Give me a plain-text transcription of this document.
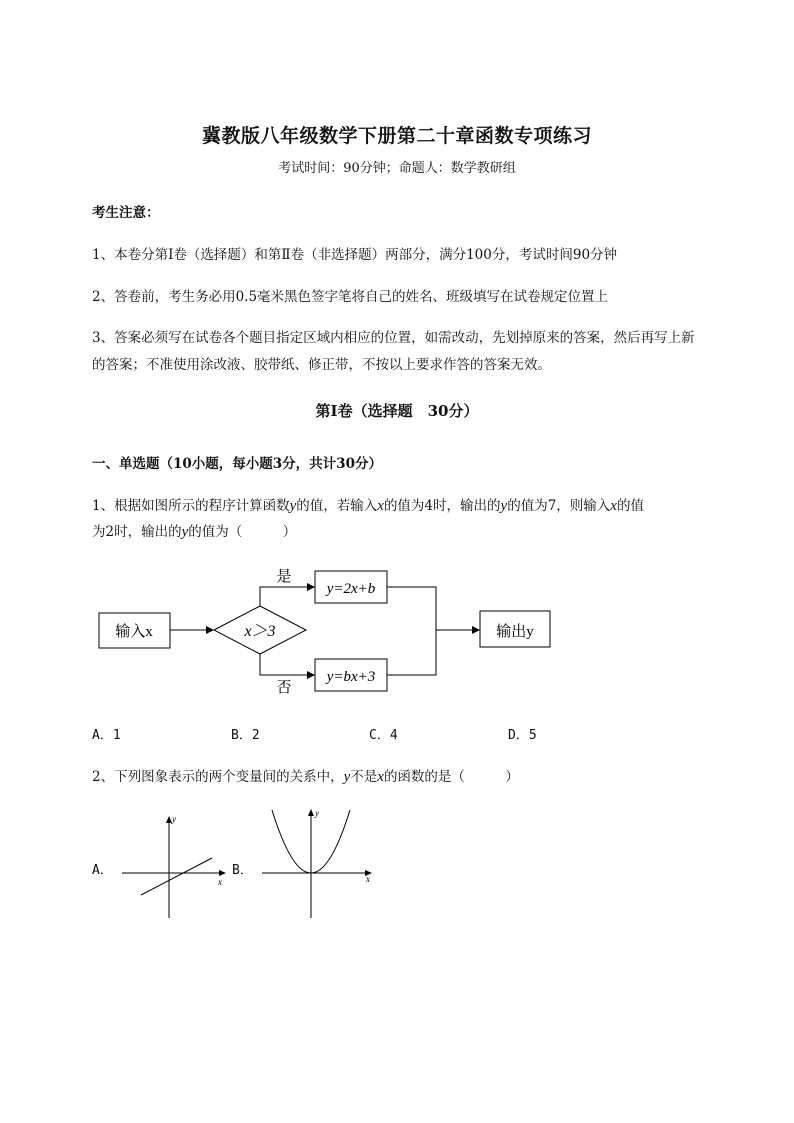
冀教版八年级数学下册第二十章函数专项练习
考试时间：90分钟；命题人：数学教研组
考生注意：
1、本卷分第I卷（选择题）和第Ⅱ卷（非选择题）两部分，满分100分，考试时间90分钟
2、答卷前，考生务必用0.5毫米黑色签字笔将自己的姓名、班级填写在试卷规定位置上
3、答案必须写在试卷各个题目指定区域内相应的位置，如需改动，先划掉原来的答案，然后再写上新
的答案；不准使用涂改液、胶带纸、修正带，不按以上要求作答的答案无效。
第I卷（选择题　30分）
一、单选题（10小题，每小题3分，共计30分）
1、根据如图所示的程序计算函数y的值，若输入x的值为4时，输出的y的值为7，则输入x的值
为2时，输出的y的值为（　　　）
输入x	x＞3
是
否
y=2x+b
y=bx+3
输出y
A．1	B．2	C．4	D．5
2、下列图象表示的两个变量间的关系中，y不是x的函数的是（　　　）
A．
y
x
B．
y
x
